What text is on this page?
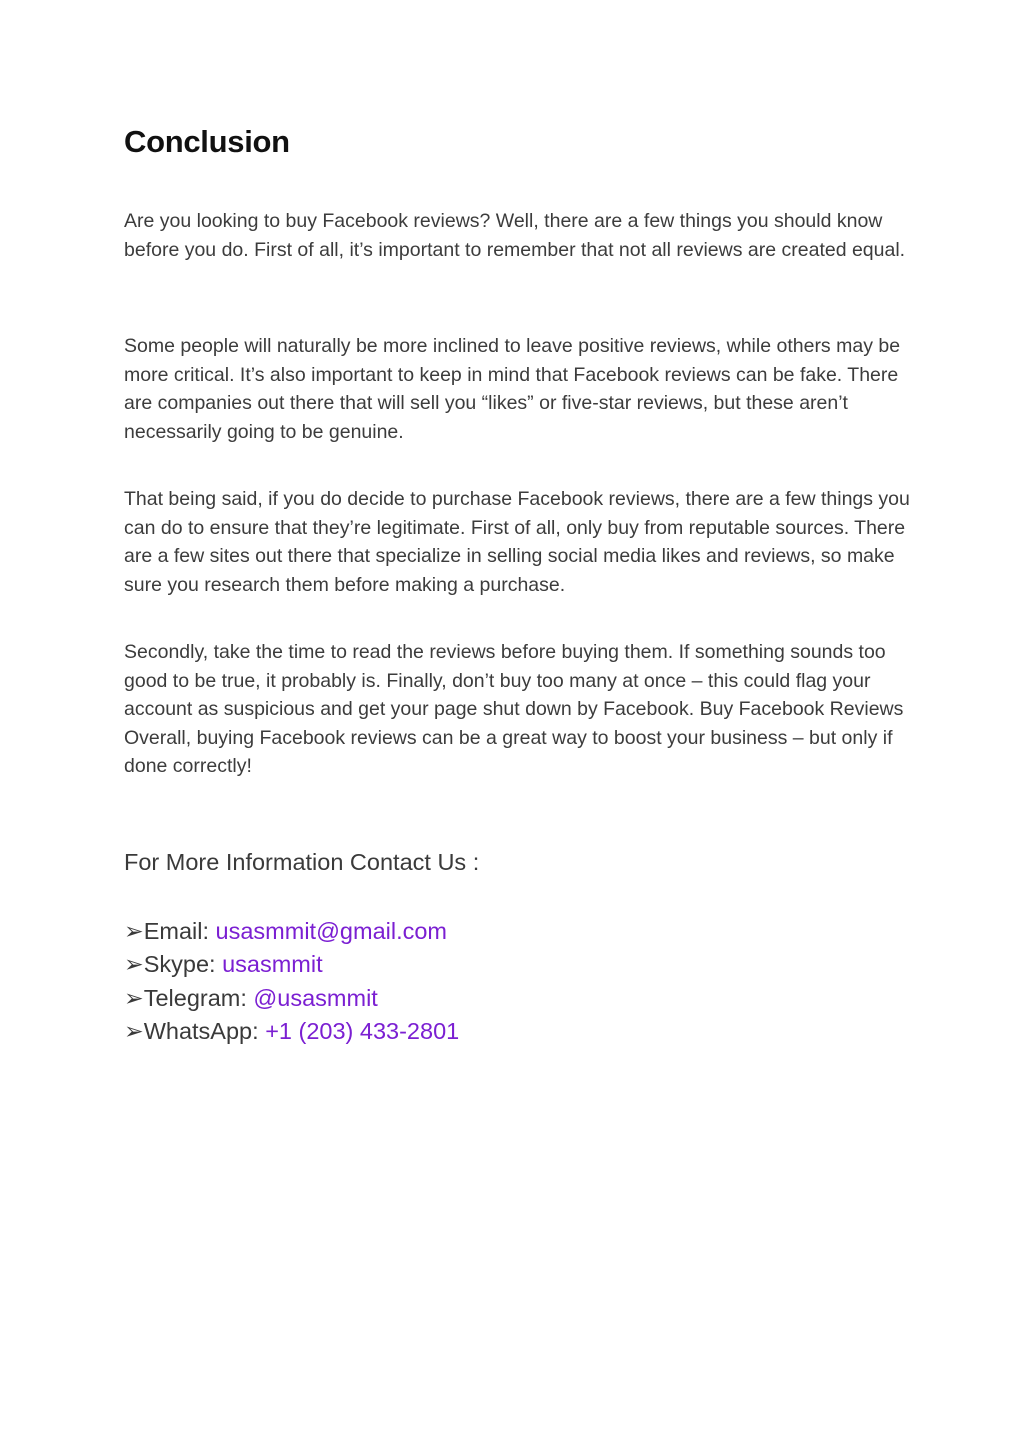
Conclusion

Are you looking to buy Facebook reviews? Well, there are a few things you should know before you do. First of all, it’s important to remember that not all reviews are created equal.

Some people will naturally be more inclined to leave positive reviews, while others may be more critical. It’s also important to keep in mind that Facebook reviews can be fake. There are companies out there that will sell you “likes” or five-star reviews, but these aren’t necessarily going to be genuine.

That being said, if you do decide to purchase Facebook reviews, there are a few things you can do to ensure that they’re legitimate. First of all, only buy from reputable sources. There are a few sites out there that specialize in selling social media likes and reviews, so make sure you research them before making a purchase.

Secondly, take the time to read the reviews before buying them. If something sounds too good to be true, it probably is. Finally, don’t buy too many at once – this could flag your account as suspicious and get your page shut down by Facebook. Buy Facebook Reviews
Overall, buying Facebook reviews can be a great way to boost your business – but only if done correctly!

For More Information Contact Us :
➢Email: usasmmit@gmail.com
➢Skype: usasmmit
➢Telegram: @usasmmit
➢WhatsApp: +1 (203) 433-2801
